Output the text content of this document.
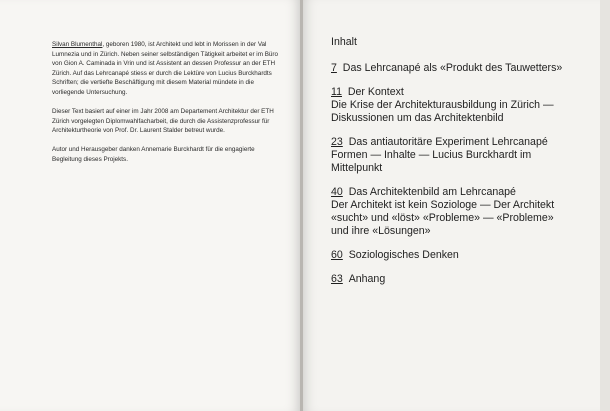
Silvan Blumenthal, geboren 1980, ist Architekt und lebt in Morissen in der Val Lumnezia und in Zürich. Neben seiner selbständigen Tätigkeit arbeitet er im Büro von Gion A. Caminada in Vrin und ist Assistent an dessen Professur an der ETH Zürich. Auf das Lehrcanapé stiess er durch die Lektüre von Lucius Burckhardts Schriften; die vertiefte Beschäftigung mit diesem Material mündete in die vorliegende Untersuchung.

Dieser Text basiert auf einer im Jahr 2008 am Departement Architektur der ETH Zürich vorgelegten Diplomwahlfacharbeit, die durch die Assistenzprofessur für Architekturtheorie von Prof. Dr. Laurent Stalder betreut wurde.

Autor und Herausgeber danken Annemarie Burckhardt für die engagierte Begleitung dieses Projekts.

Inhalt
7 Das Lehrcanapé als «Produkt des Tauwetters»
11 Der Kontext
Die Krise der Architekturausbildung in Zürich —
Diskussionen um das Architektenbild
23 Das antiautoritäre Experiment Lehrcanapé
Formen — Inhalte — Lucius Burckhardt im
Mittelpunkt
40 Das Architektenbild am Lehrcanapé
Der Architekt ist kein Soziologe — Der Architekt
«sucht» und «löst» «Probleme» — «Probleme»
und ihre «Lösungen»
60 Soziologisches Denken
63 Anhang
